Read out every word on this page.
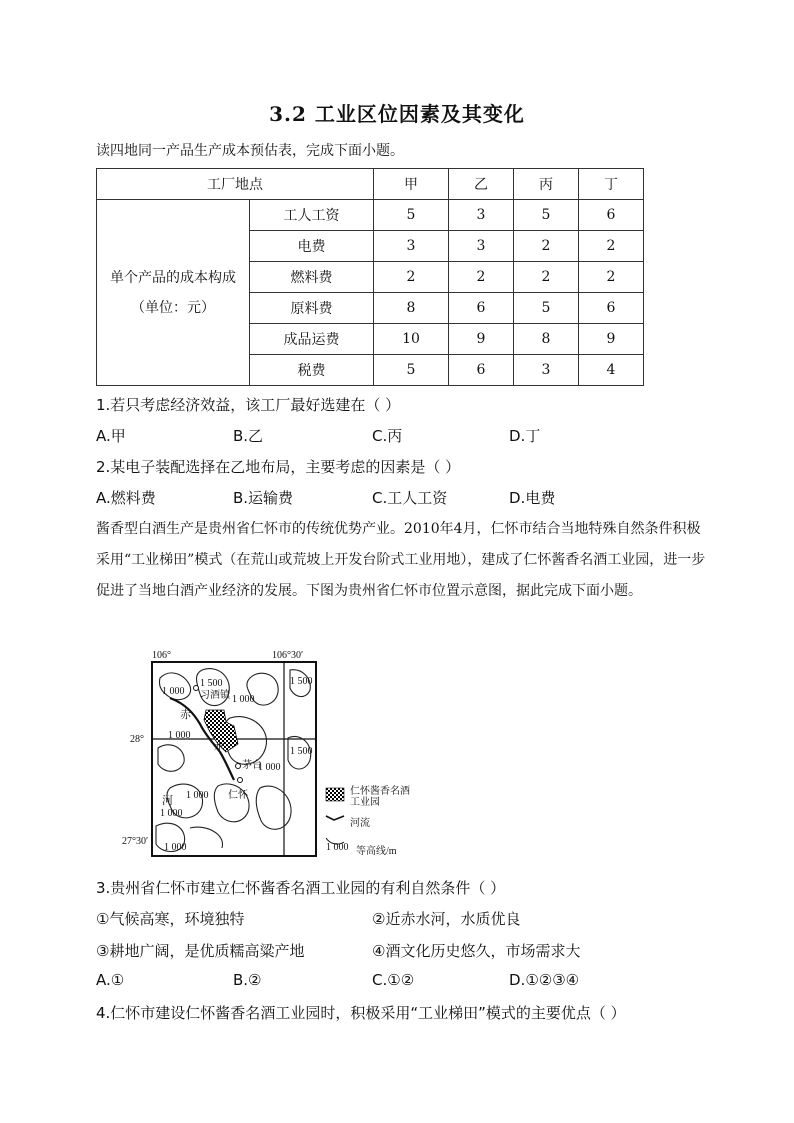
3.2 工业区位因素及其变化
读四地同一产品生产成本预估表，完成下面小题。
工厂地点		甲	乙	丙	丁

单个产品的成本构成
（单位：元）	工人工资	5	3	5	6
	电费	3	3	2	2
	燃料费	2	2	2	2
	原料费	8	6	5	6
	成品运费	10	9	8	9
	税费	5	6	3	4
1.若只考虑经济效益，该工厂最好选建在（ ）
A.甲	B.乙	C.丙	D.丁
2.某电子装配选择在乙地布局，主要考虑的因素是（ ）
A.燃料费	B.运输费	C.工人工资	D.电费
酱香型白酒生产是贵州省仁怀市的传统优势产业。2010年4月，仁怀市结合当地特殊自然条件积极采用“工业梯田”模式（在荒山或荒坡上开发台阶式工业用地），建成了仁怀酱香名酒工业园，进一步促进了当地白酒产业经济的发展。下图为贵州省仁怀市位置示意图，据此完成下面小题。
106°	106°30′
28°
27°30′
1 500
1 000
1 000
1 000
1 500
1 000
1 000
1 000
1 000
1 500
习酒镇
赤
水
河
茅台
仁怀	仁怀酱香名酒
工业园
河流
1 000 等高线/m
3.贵州省仁怀市建立仁怀酱香名酒工业园的有利自然条件（ ）
①气候高寒，环境独特	②近赤水河，水质优良
③耕地广阔，是优质糯高粱产地	④酒文化历史悠久，市场需求大
A.①	B.②	C.①②	D.①②③④
4.仁怀市建设仁怀酱香名酒工业园时，积极采用“工业梯田”模式的主要优点（ ）
